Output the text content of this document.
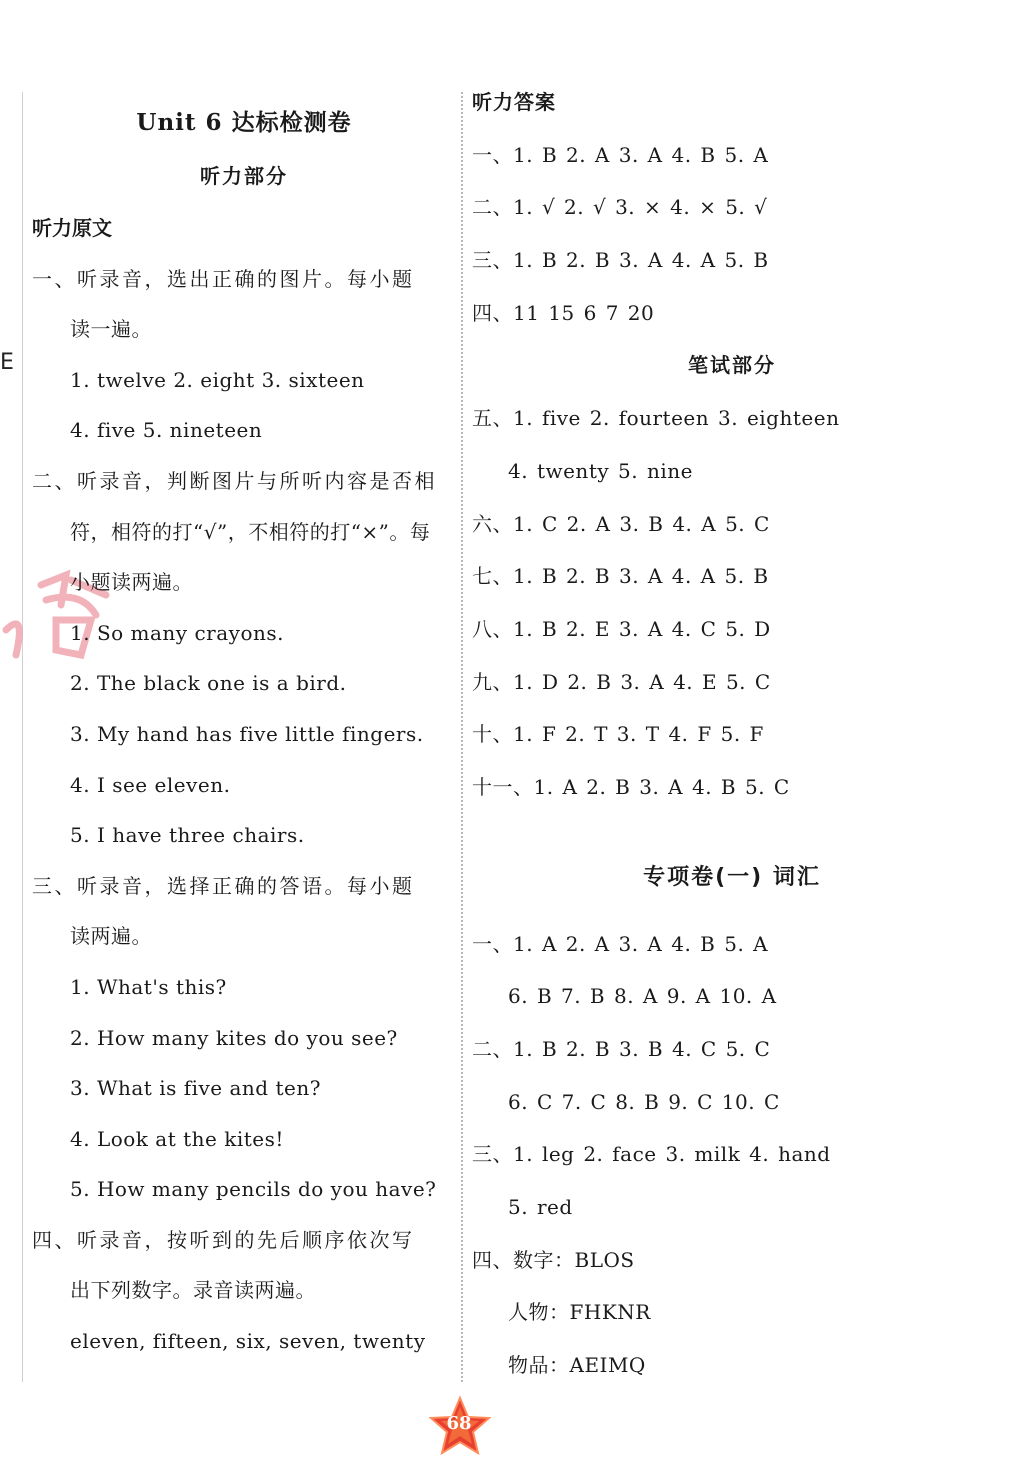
E
Unit 6 达标检测卷
听力部分
听力原文
一、听录音，选出正确的图片。每小题
读一遍。
1. twelve 2. eight 3. sixteen
4. five 5. nineteen
二、听录音，判断图片与所听内容是否相
符，相符的打“√”，不相符的打“×”。每
小题读两遍。
1. So many crayons.
2. The black one is a bird.
3. My hand has five little fingers.
4. I see eleven.
5. I have three chairs.
三、听录音，选择正确的答语。每小题
读两遍。
1. What's this?
2. How many kites do you see?
3. What is five and ten?
4. Look at the kites!
5. How many pencils do you have?
四、听录音，按听到的先后顺序依次写
出下列数字。录音读两遍。
eleven, fifteen, six, seven, twenty
听力答案
一、1. B 2. A 3. A 4. B 5. A
二、1. √ 2. √ 3. × 4. × 5. √
三、1. B 2. B 3. A 4. A 5. B
四、11 15 6 7 20
笔试部分
五、1. five 2. fourteen 3. eighteen
4. twenty 5. nine
六、1. C 2. A 3. B 4. A 5. C
七、1. B 2. B 3. A 4. A 5. B
八、1. B 2. E 3. A 4. C 5. D
九、1. D 2. B 3. A 4. E 5. C
十、1. F 2. T 3. T 4. F 5. F
十一、1. A 2. B 3. A 4. B 5. C
专项卷(一) 词汇
一、1. A 2. A 3. A 4. B 5. A
6. B 7. B 8. A 9. A 10. A
二、1. B 2. B 3. B 4. C 5. C
6. C 7. C 8. B 9. C 10. C
三、1. leg 2. face 3. milk 4. hand
5. red
四、数字：BLOS
人物：FHKNR
物品：AEIMQ
68
